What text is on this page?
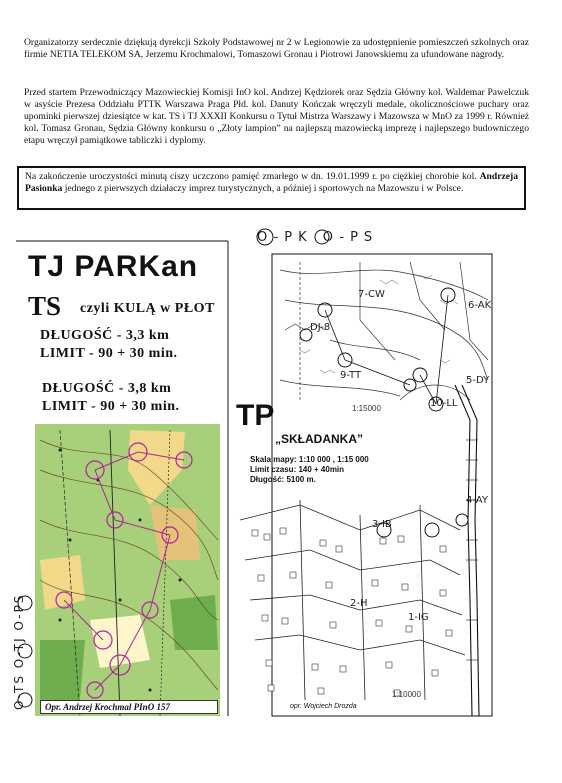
Organizatorzy serdecznie dziękują dyrekcji Szkoły Podstawowej nr 2 w Legionowie za udostępnienie pomieszczeń szkolnych oraz firmie NETIA TELEKOM SA, Jerzemu Krochmalowi, Tomaszowi Gronau i Piotrowi Janowskiemu za ufundowane nagrody.
Przed startem Przewodniczący Mazowieckiej Komisji InO kol. Andrzej Kędziorek oraz Sędzia Główny kol. Waldemar Pawelczuk w asyście Prezesa Oddziału PTTK Warszawa Praga Płd. kol. Danuty Kończak wręczyli medale, okolicznościowe puchary oraz upominki pierwszej dziesiątce w kat. TS i TJ XXXII Konkursu o Tytuł Mistrza Warszawy i Mazowsza w MnO za 1999 r. Również kol. Tomasz Gronau, Sędzia Główny konkursu o „Złoty lampion” na najlepszą mazowiecką imprezę i najlepszego budowniczego etapu wręczył pamiątkowe tabliczki i dyplomy.
Na zakończenie uroczystości minutą ciszy uczczono pamięć zmarłego w dn. 19.01.1999 r. po ciężkiej chorobie kol. Andrzeja Pasionka jednego z pierwszych działaczy imprez turystycznych, a później i sportowych na Mazowszu i w Polsce.
TJ PARKan
TS czyli KULĄ w PŁOT
DŁUGOŚĆ - 3,3 km
LIMIT - 90 + 30 min.
DŁUGOŚĆ - 3,8 km
LIMIT - 90 + 30 min.
Opr. Andrzej Krochmal PInO 157
O-TS O-TJ O-PS
O-PK O-PS
TP
„SKŁADANKA”
Skala mapy: 1:10 000 , 1:15 000
Limit czasu: 140 + 40min
Długość: 5100 m.
1:15000
1:10000
opr. Wojciech Drozda
7-CW
6-AK
DJ-8
9-TT	5-DY
10-LL
4-AY
3-IB
2-H
1-IG
